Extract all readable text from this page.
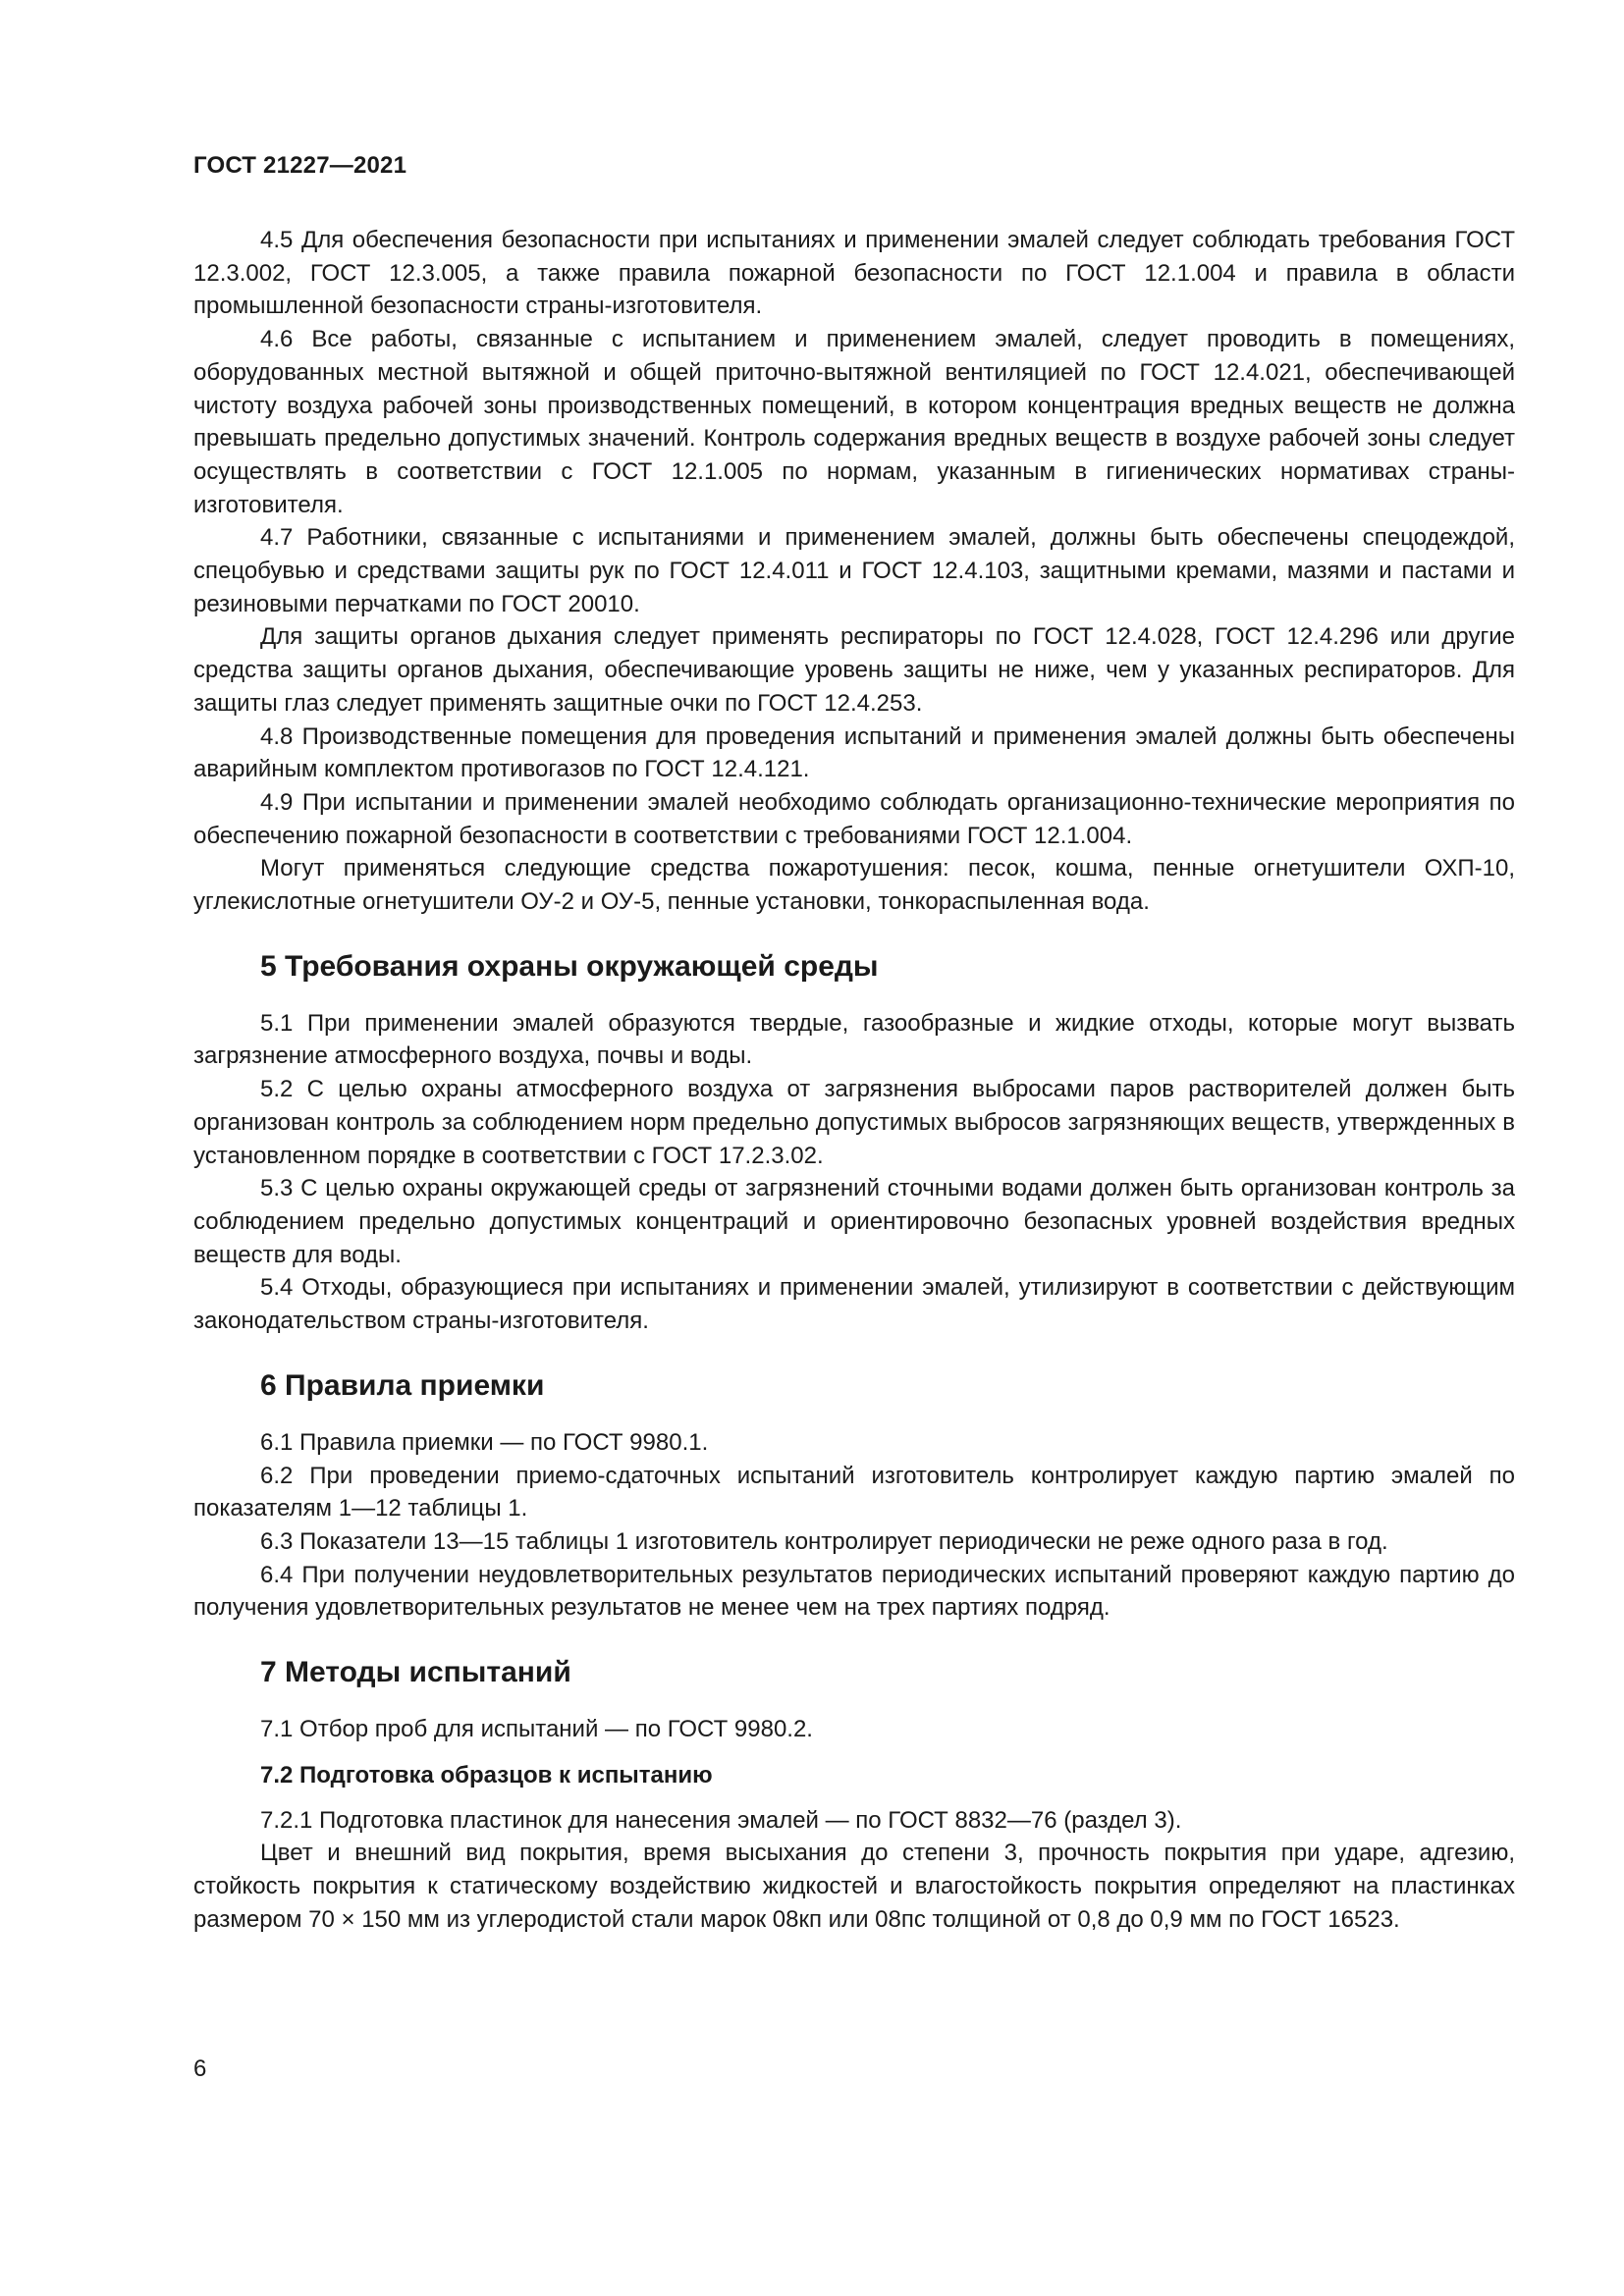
ГОСТ 21227—2021

4.5 Для обеспечения безопасности при испытаниях и применении эмалей следует соблюдать требования ГОСТ 12.3.002, ГОСТ 12.3.005, а также правила пожарной безопасности по ГОСТ 12.1.004 и правила в области промышленной безопасности страны-изготовителя.

4.6 Все работы, связанные с испытанием и применением эмалей, следует проводить в помещениях, оборудованных местной вытяжной и общей приточно-вытяжной вентиляцией по ГОСТ 12.4.021, обеспечивающей чистоту воздуха рабочей зоны производственных помещений, в котором концентрация вредных веществ не должна превышать предельно допустимых значений. Контроль содержания вредных веществ в воздухе рабочей зоны следует осуществлять в соответствии с ГОСТ 12.1.005 по нормам, указанным в гигиенических нормативах страны-изготовителя.

4.7 Работники, связанные с испытаниями и применением эмалей, должны быть обеспечены спецодеждой, спецобувью и средствами защиты рук по ГОСТ 12.4.011 и ГОСТ 12.4.103, защитными кремами, мазями и пастами и резиновыми перчатками по ГОСТ 20010.

Для защиты органов дыхания следует применять респираторы по ГОСТ 12.4.028, ГОСТ 12.4.296 или другие средства защиты органов дыхания, обеспечивающие уровень защиты не ниже, чем у указанных респираторов. Для защиты глаз следует применять защитные очки по ГОСТ 12.4.253.

4.8 Производственные помещения для проведения испытаний и применения эмалей должны быть обеспечены аварийным комплектом противогазов по ГОСТ 12.4.121.

4.9 При испытании и применении эмалей необходимо соблюдать организационно-технические мероприятия по обеспечению пожарной безопасности в соответствии с требованиями ГОСТ 12.1.004.

Могут применяться следующие средства пожаротушения: песок, кошма, пенные огнетушители ОХП-10, углекислотные огнетушители ОУ-2 и ОУ-5, пенные установки, тонкораспыленная вода.

5 Требования охраны окружающей среды

5.1 При применении эмалей образуются твердые, газообразные и жидкие отходы, которые могут вызвать загрязнение атмосферного воздуха, почвы и воды.

5.2 С целью охраны атмосферного воздуха от загрязнения выбросами паров растворителей должен быть организован контроль за соблюдением норм предельно допустимых выбросов загрязняющих веществ, утвержденных в установленном порядке в соответствии с ГОСТ 17.2.3.02.

5.3 С целью охраны окружающей среды от загрязнений сточными водами должен быть организован контроль за соблюдением предельно допустимых концентраций и ориентировочно безопасных уровней воздействия вредных веществ для воды.

5.4 Отходы, образующиеся при испытаниях и применении эмалей, утилизируют в соответствии с действующим законодательством страны-изготовителя.

6 Правила приемки

6.1 Правила приемки — по ГОСТ 9980.1.

6.2 При проведении приемо-сдаточных испытаний изготовитель контролирует каждую партию эмалей по показателям 1—12 таблицы 1.

6.3 Показатели 13—15 таблицы 1 изготовитель контролирует периодически не реже одного раза в год.

6.4 При получении неудовлетворительных результатов периодических испытаний проверяют каждую партию до получения удовлетворительных результатов не менее чем на трех партиях подряд.

7 Методы испытаний

7.1 Отбор проб для испытаний — по ГОСТ 9980.2.

7.2 Подготовка образцов к испытанию

7.2.1 Подготовка пластинок для нанесения эмалей — по ГОСТ 8832—76 (раздел 3).

Цвет и внешний вид покрытия, время высыхания до степени 3, прочность покрытия при ударе, адгезию, стойкость покрытия к статическому воздействию жидкостей и влагостойкость покрытия определяют на пластинках размером 70 × 150 мм из углеродистой стали марок 08кп или 08пс толщиной от 0,8 до 0,9 мм по ГОСТ 16523.

6
